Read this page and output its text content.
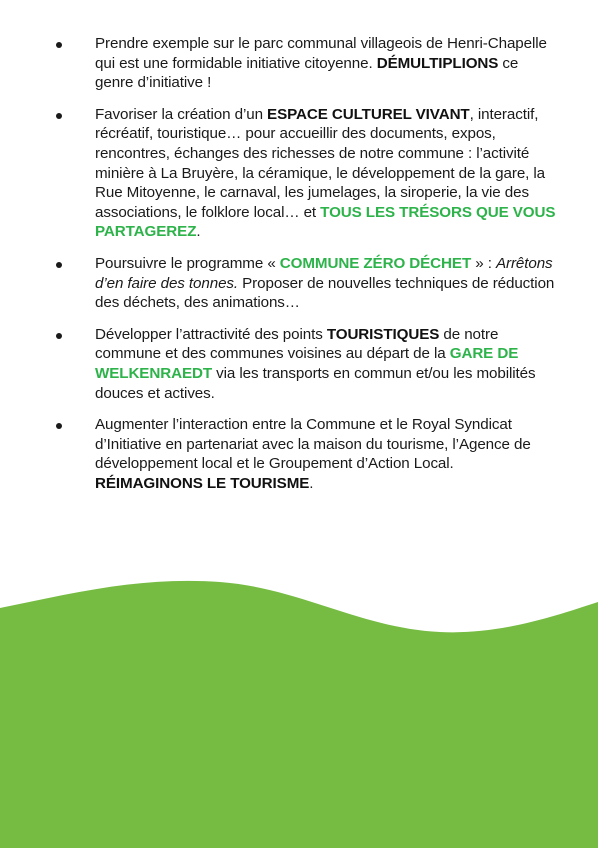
Prendre exemple sur le parc communal villageois de Henri-Chapelle qui est une formidable initiative citoyenne. DÉMULTIPLIONS ce genre d’initiative !
Favoriser la création d’un ESPACE CULTUREL VIVANT, interactif, récréatif, touristique… pour accueillir des documents, expos, rencontres, échanges des richesses de notre commune : l’activité minière à La Bruyère, la céramique, le développement de la gare, la Rue Mitoyenne, le carnaval, les jumelages, la siroperie, la vie des associations, le folklore local… et TOUS LES TRÉSORS QUE VOUS PARTAGEREZ.
Poursuivre le programme « COMMUNE ZÉRO DÉCHET » : Arrêtons d’en faire des tonnes. Proposer de nouvelles techniques de réduction des déchets, des animations…
Développer l’attractivité des points TOURISTIQUES de notre commune et des communes voisines au départ de la GARE DE WELKENRAEDT via les transports en commun et/ou les mobilités douces et actives.
Augmenter l’interaction entre la Commune et le Royal Syndicat d’Initiative en partenariat avec la maison du tourisme, l’Agence de développement local et le Groupement d’Action Local. RÉIMAGINONS LE TOURISME.
